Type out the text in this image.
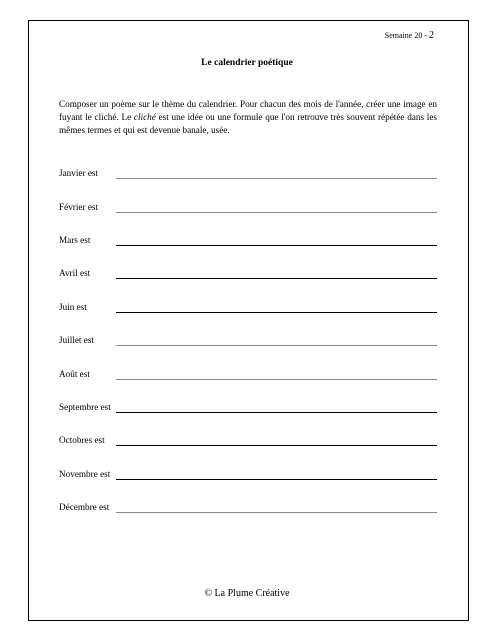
Semaine 20 - 2
Le calendrier poétique
Composer un poème sur le thème du calendrier. Pour chacun des mois de l'année, créer une image en fuyant le cliché. Le cliché est une idée ou une formule que l'on retrouve très souvent répétée dans les mêmes termes et qui est devenue banale, usée.
Janvier est
Février est
Mars est
Avril est
Juin est
Juillet est
Août est
Septembre est
Octobres est
Novembre est
Décembre est
© La Plume Créative
